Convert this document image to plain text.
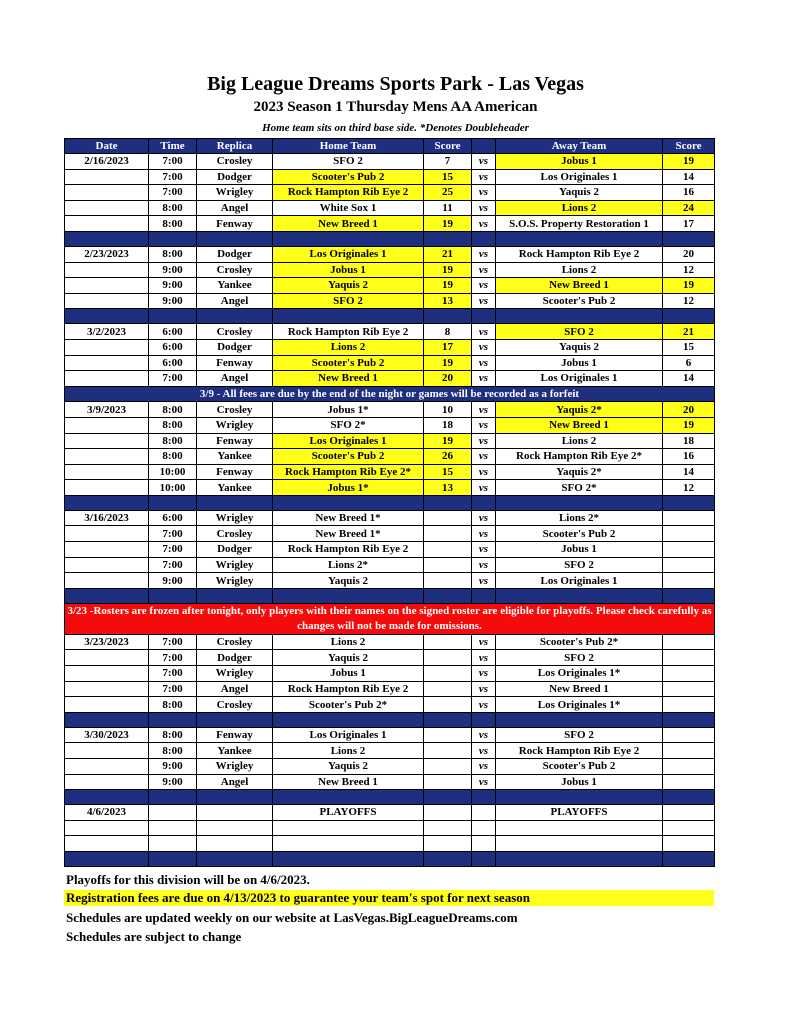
Big League Dreams Sports Park - Las Vegas
2023 Season 1 Thursday Mens AA American
Home team sits on third base side. *Denotes Doubleheader
Date	Time	Replica	Home Team	Score		Away Team	Score
2/16/2023	7:00	Crosley	SFO 2	7	vs	Jobus 1	19
	7:00	Dodger	Scooter's Pub 2	15	vs	Los Originales 1	14
	7:00	Wrigley	Rock Hampton Rib Eye 2	25	vs	Yaquis 2	16
	8:00	Angel	White Sox 1	11	vs	Lions 2	24
	8:00	Fenway	New Breed 1	19	vs	S.O.S. Property Restoration 1	17

2/23/2023	8:00	Dodger	Los Originales 1	21	vs	Rock Hampton Rib Eye 2	20
	9:00	Crosley	Jobus 1	19	vs	Lions 2	12
	9:00	Yankee	Yaquis 2	19	vs	New Breed 1	19
	9:00	Angel	SFO 2	13	vs	Scooter's Pub 2	12

3/2/2023	6:00	Crosley	Rock Hampton Rib Eye 2	8	vs	SFO 2	21
	6:00	Dodger	Lions 2	17	vs	Yaquis 2	15
	6:00	Fenway	Scooter's Pub 2	19	vs	Jobus 1	6
	7:00	Angel	New Breed 1	20	vs	Los Originales 1	14
3/9 - All fees are due by the end of the night or games will be recorded as a forfeit							
3/9/2023	8:00	Crosley	Jobus 1*	10	vs	Yaquis 2*	20
	8:00	Wrigley	SFO 2*	18	vs	New Breed 1	19
	8:00	Fenway	Los Originales 1	19	vs	Lions 2	18
	8:00	Yankee	Scooter's Pub 2	26	vs	Rock Hampton Rib Eye 2*	16
	10:00	Fenway	Rock Hampton Rib Eye 2*	15	vs	Yaquis 2*	14
	10:00	Yankee	Jobus 1*	13	vs	SFO 2*	12

3/16/2023	6:00	Wrigley	New Breed 1*		vs	Lions 2*	
	7:00	Crosley	New Breed 1*		vs	Scooter's Pub 2	
	7:00	Dodger	Rock Hampton Rib Eye 2		vs	Jobus 1	
	7:00	Wrigley	Lions 2*		vs	SFO 2	
	9:00	Wrigley	Yaquis 2		vs	Los Originales 1	

3/23 -Rosters are frozen after tonight, only players with their names on the signed roster are eligible for playoffs. Please check carefully as changes will not be made for omissions.							
3/23/2023	7:00	Crosley	Lions 2		vs	Scooter's Pub 2*	
	7:00	Dodger	Yaquis 2		vs	SFO 2	
	7:00	Wrigley	Jobus 1		vs	Los Originales 1*	
	7:00	Angel	Rock Hampton Rib Eye 2		vs	New Breed 1	
	8:00	Crosley	Scooter's Pub 2*		vs	Los Originales 1*	

3/30/2023	8:00	Fenway	Los Originales 1		vs	SFO 2	
	8:00	Yankee	Lions 2		vs	Rock Hampton Rib Eye 2	
	9:00	Wrigley	Yaquis 2		vs	Scooter's Pub 2	
	9:00	Angel	New Breed 1		vs	Jobus 1	

4/6/2023			PLAYOFFS			PLAYOFFS	

Playoffs for this division will be on 4/6/2023.
Registration fees are due on 4/13/2023 to guarantee your team's spot for next season
Schedules are updated weekly on our website at LasVegas.BigLeagueDreams.com
Schedules are subject to change
